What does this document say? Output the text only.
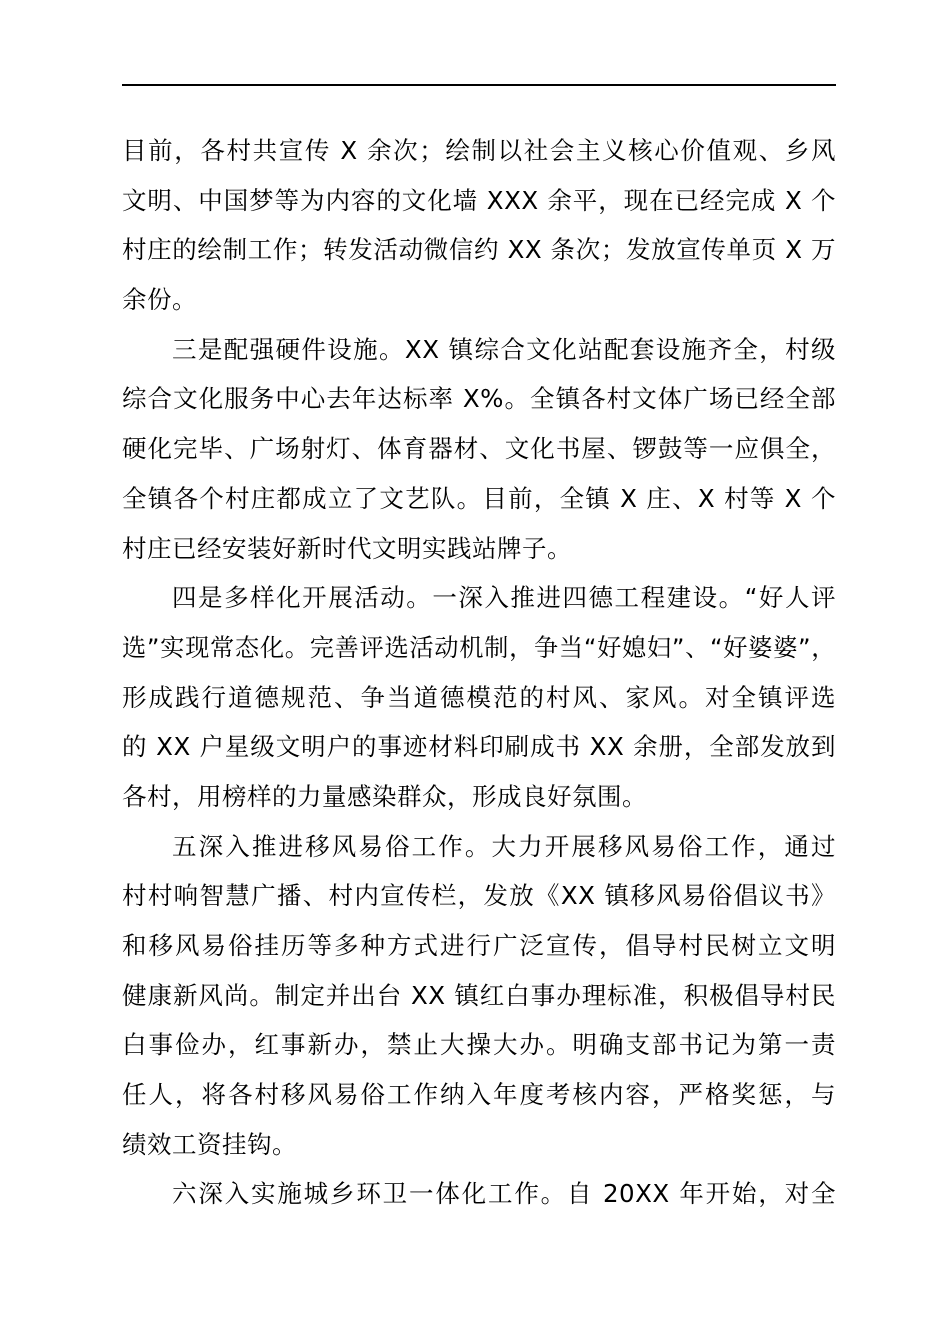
目前，各村共宣传 X 余次；绘制以社会主义核心价值观、乡风
文明、中国梦等为内容的文化墙 XXX 余平，现在已经完成 X 个
村庄的绘制工作；转发活动微信约 XX 条次；发放宣传单页 X 万
余份。
三是配强硬件设施。XX 镇综合文化站配套设施齐全，村级
综合文化服务中心去年达标率 X%。全镇各村文体广场已经全部
硬化完毕、广场射灯、体育器材、文化书屋、锣鼓等一应俱全，
全镇各个村庄都成立了文艺队。目前，全镇 X 庄、X 村等 X 个
村庄已经安装好新时代文明实践站牌子。
四是多样化开展活动。一深入推进四德工程建设。“好人评
选”实现常态化。完善评选活动机制，争当“好媳妇”、“好婆婆”，
形成践行道德规范、争当道德模范的村风、家风。对全镇评选
的 XX 户星级文明户的事迹材料印刷成书 XX 余册，全部发放到
各村，用榜样的力量感染群众，形成良好氛围。
五深入推进移风易俗工作。大力开展移风易俗工作，通过
村村响智慧广播、村内宣传栏，发放《XX 镇移风易俗倡议书》
和移风易俗挂历等多种方式进行广泛宣传，倡导村民树立文明
健康新风尚。制定并出台 XX 镇红白事办理标准，积极倡导村民
白事俭办，红事新办，禁止大操大办。明确支部书记为第一责
任人，将各村移风易俗工作纳入年度考核内容，严格奖惩，与
绩效工资挂钩。
六深入实施城乡环卫一体化工作。自 20XX 年开始，对全
